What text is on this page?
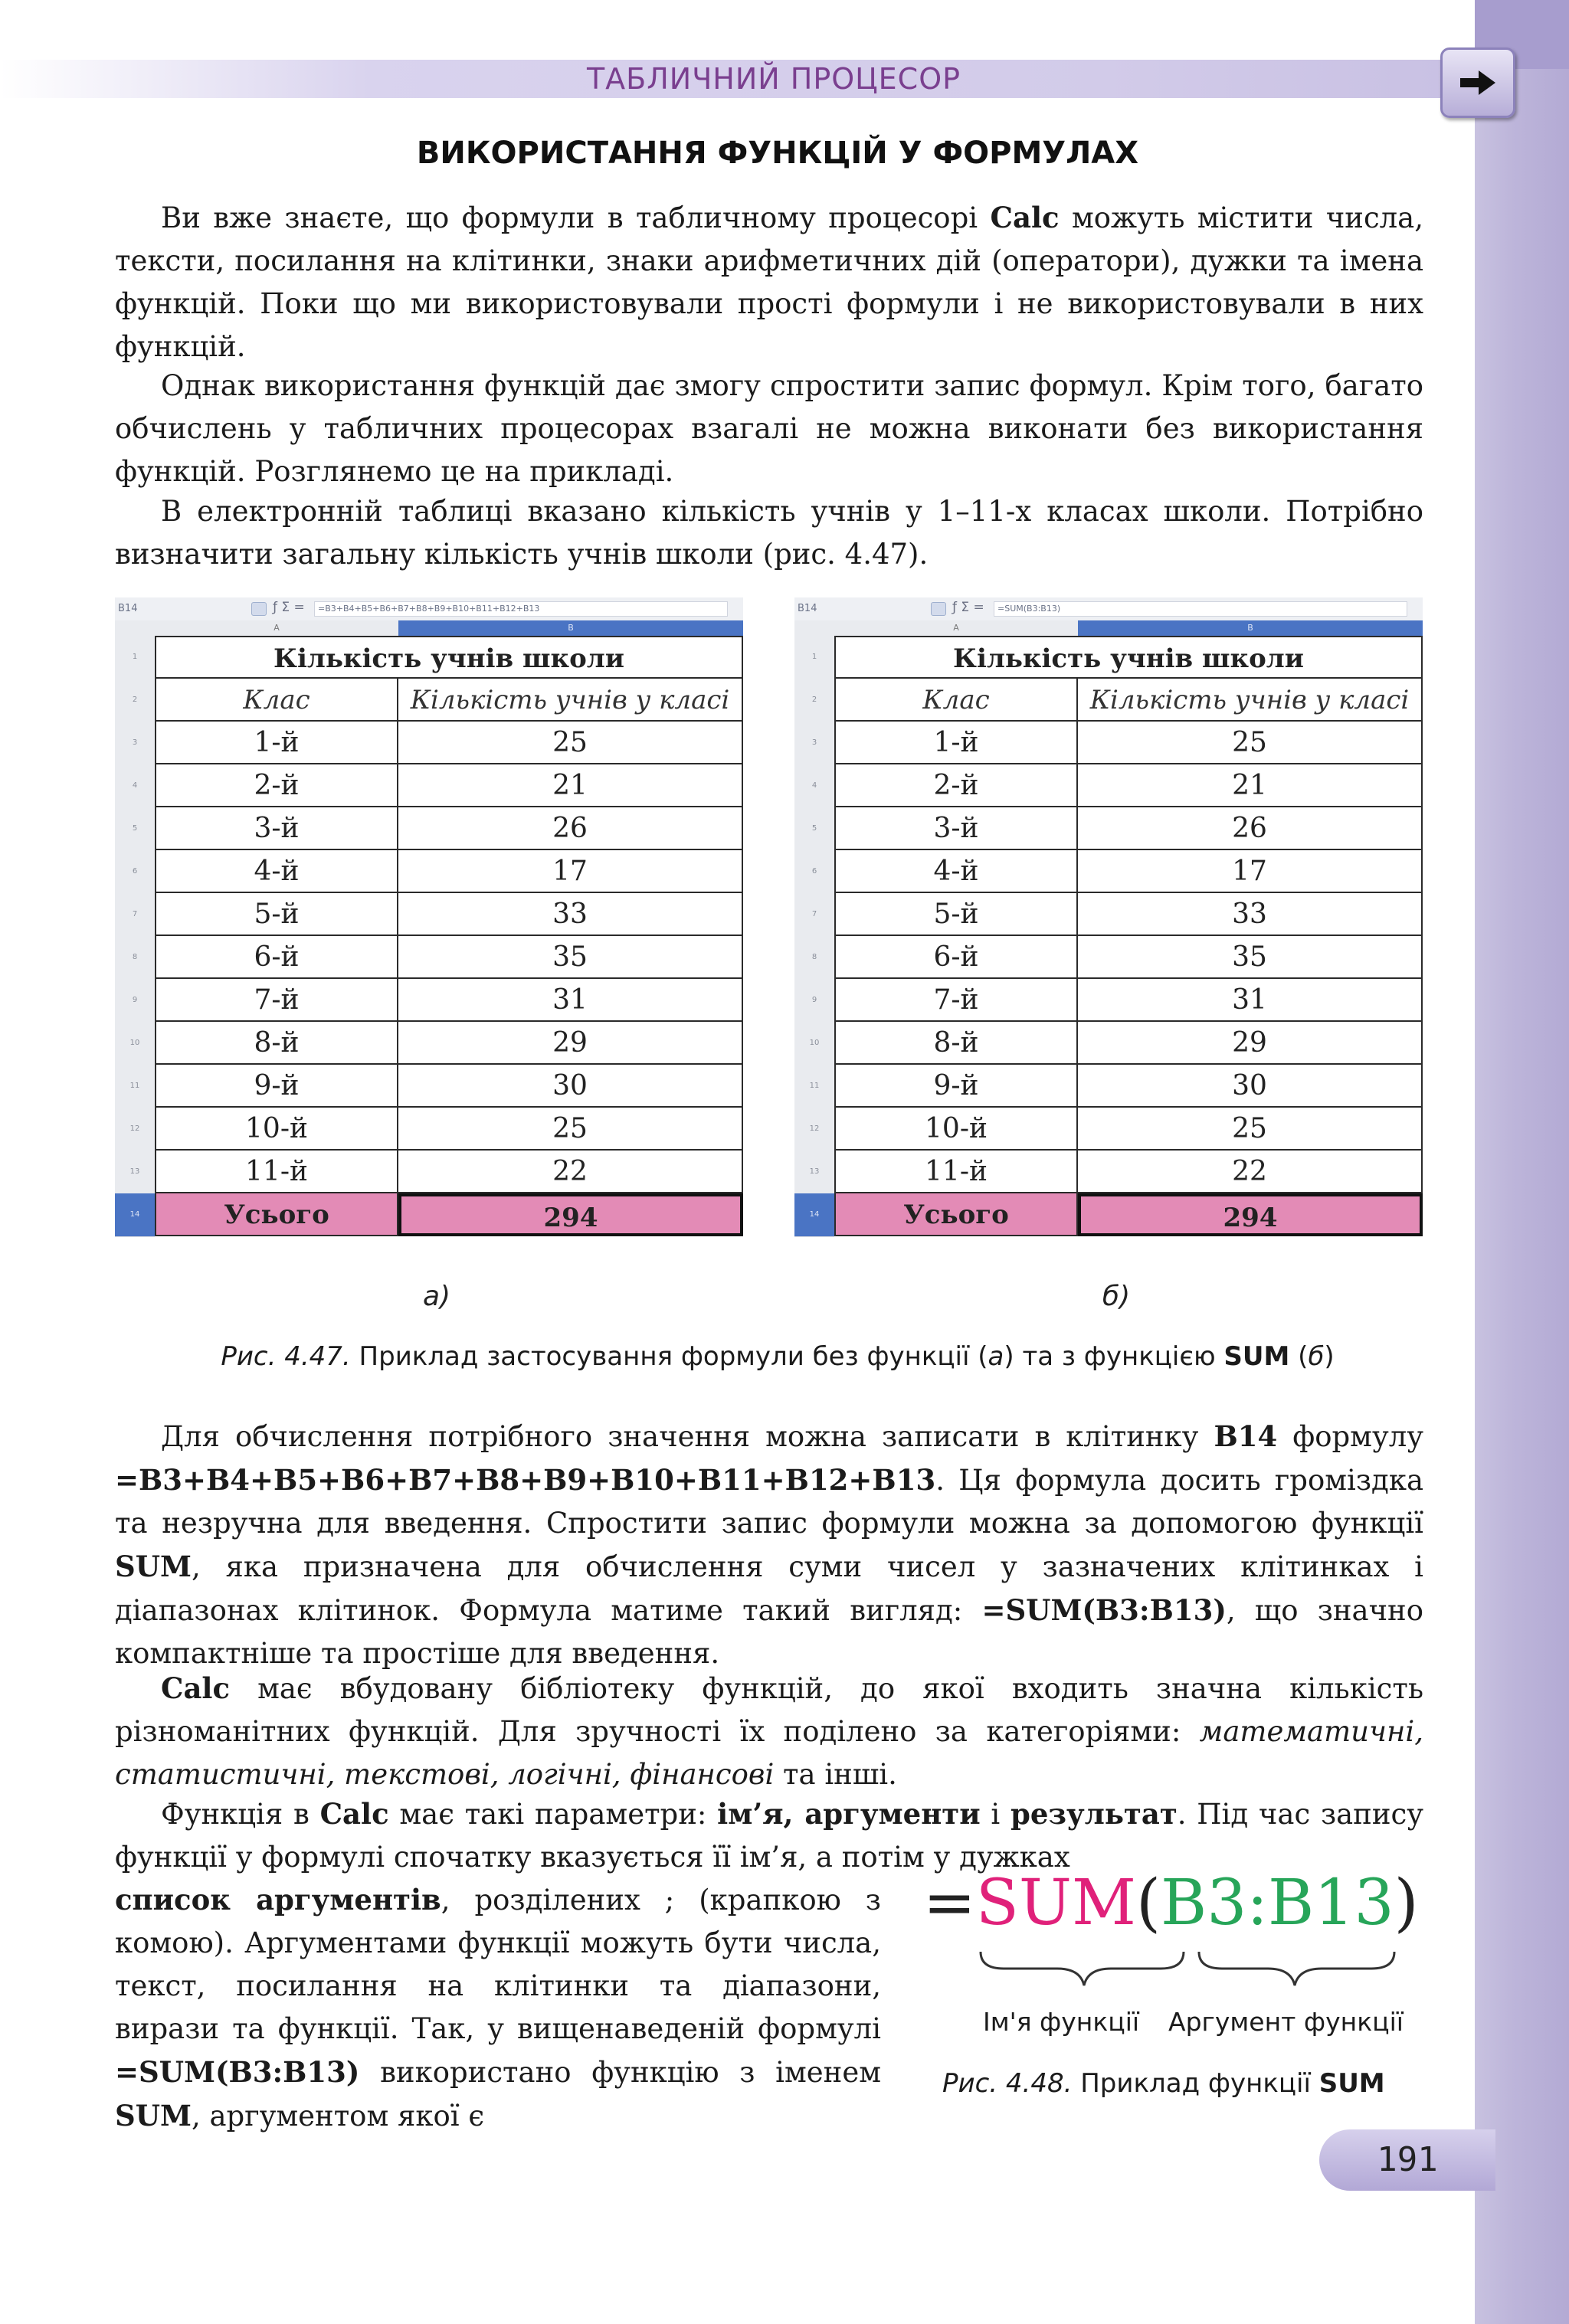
ТАБЛИЧНИЙ ПРОЦЕСОР
ВИКОРИСТАННЯ ФУНКЦІЙ У ФОРМУЛАХ

Ви вже знаєте, що формули в табличному процесорі Calc можуть містити числа, тексти, посилання на клітинки, знаки арифметичних дій (оператори), дужки та імена функцій. Поки що ми використовували прості формули і не використовували в них функцій.

Однак використання функцій дає змогу спростити запис формул. Крім того, багато обчислень у табличних процесорах взагалі не можна виконати без використання функцій. Розглянемо це на прикладі.

В електронній таблиці вказано кількість учнів у 1–11-х класах школи. Потрібно визначити загальну кількість учнів школи (рис. 4.47).

B14	ƒ Σ =	=B3+B4+B5+B6+B7+B8+B9+B10+B11+B12+B13
A	B
1	Кількість учнів школи
2	Клас	Кількість учнів у класі
3	1-й	25
4	2-й	21
5	3-й	26
6	4-й	17
7	5-й	33
8	6-й	35
9	7-й	31
10	8-й	29
11	9-й	30
12	10-й	25
13	11-й	22
14	Усього	294
B14	ƒ Σ =	=SUM(B3:B13)
A	B
1	Кількість учнів школи
2	Клас	Кількість учнів у класі
3	1-й	25
4	2-й	21
5	3-й	26
6	4-й	17
7	5-й	33
8	6-й	35
9	7-й	31
10	8-й	29
11	9-й	30
12	10-й	25
13	11-й	22
14	Усього	294
а)	б)
Рис. 4.47. Приклад застосування формули без функції (а) та з функцією SUM (б)

Для обчислення потрібного значення можна записати в клітинку B14 формулу =B3+B4+B5+B6+B7+B8+B9+B10+B11+B12+B13. Ця формула досить громіздка та незручна для введення. Спростити запис формули можна за допомогою функції SUM, яка призначена для обчислення суми чисел у зазначених клітинках і діапазонах клітинок. Формула матиме такий вигляд: =SUM(B3:B13), що значно компактніше та простіше для введення.

Calc має вбудовану бібліотеку функцій, до якої входить значна кількість різноманітних функцій. Для зручності їх поділено за категоріями: математичні, статистичні, текстові, логічні, фінансові та інші.

Функція в Calc має такі параметри: ім’я, аргументи і результат. Під час запису функції у формулі спочатку вказується її ім’я, а потім у дужках

список аргументів, розділених ; (крапкою з комою). Аргументами функції можуть бути числа, текст, посилання на клітинки та діапазони, вирази та функції. Так, у вищенаведеній формулі =SUM(B3:B13) використано функцію з іменем SUM, аргументом якої є

=SUM(B3:B13)
Ім'я функції Аргумент функції
Рис. 4.48. Приклад функції SUM
191
